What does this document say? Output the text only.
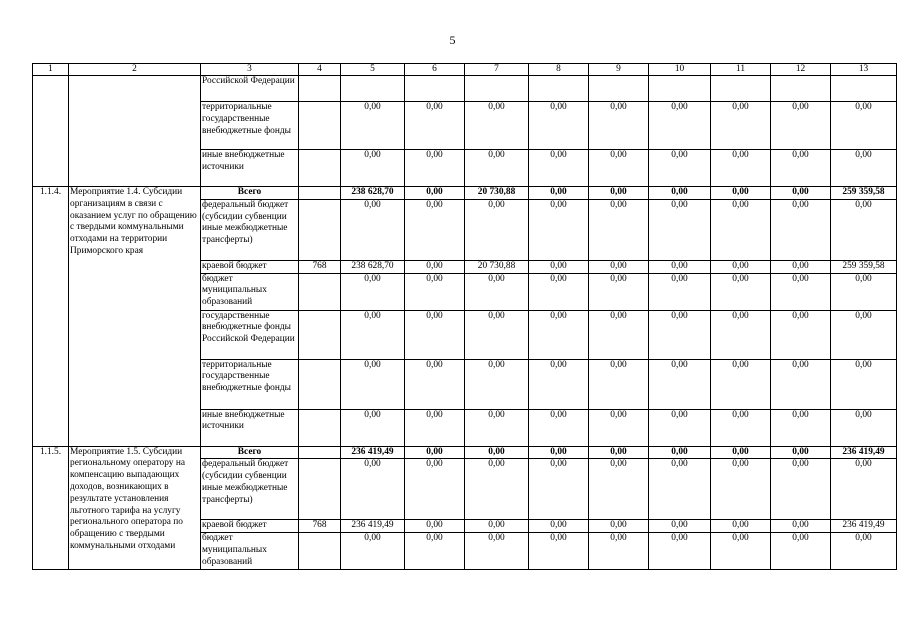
5
1	2	3	4	5	6	7	8	9	10	11	12	13
		Российской Федерации										
		территориальные государственные внебюджетные фонды		0,00	0,00	0,00	0,00	0,00	0,00	0,00	0,00	0,00
		иные внебюджетные источники		0,00	0,00	0,00	0,00	0,00	0,00	0,00	0,00	0,00
1.1.4.	Мероприятие 1.4. Субсидии организациям в связи с оказанием услуг по обращению с твердыми коммунальными отходами на территории Приморского края	Всего		238 628,70	0,00	20 730,88	0,00	0,00	0,00	0,00	0,00	259 359,58
		федеральный бюджет (субсидии субвенции иные межбюджетные трансферты)		0,00	0,00	0,00	0,00	0,00	0,00	0,00	0,00	0,00
		краевой бюджет	768	238 628,70	0,00	20 730,88	0,00	0,00	0,00	0,00	0,00	259 359,58
		бюджет муниципальных образований		0,00	0,00	0,00	0,00	0,00	0,00	0,00	0,00	0,00
		государственные внебюджетные фонды Российской Федерации		0,00	0,00	0,00	0,00	0,00	0,00	0,00	0,00	0,00
		территориальные государственные внебюджетные фонды		0,00	0,00	0,00	0,00	0,00	0,00	0,00	0,00	0,00
		иные внебюджетные источники		0,00	0,00	0,00	0,00	0,00	0,00	0,00	0,00	0,00
1.1.5.	Мероприятие 1.5. Субсидии региональному оператору на компенсацию выпадающих доходов, возникающих в результате установления льготного тарифа на услугу регионального оператора по обращению с твердыми коммунальными отходами	Всего		236 419,49	0,00	0,00	0,00	0,00	0,00	0,00	0,00	236 419,49
		федеральный бюджет (субсидии субвенции иные межбюджетные трансферты)		0,00	0,00	0,00	0,00	0,00	0,00	0,00	0,00	0,00
		краевой бюджет	768	236 419,49	0,00	0,00	0,00	0,00	0,00	0,00	0,00	236 419,49
		бюджет муниципальных образований		0,00	0,00	0,00	0,00	0,00	0,00	0,00	0,00	0,00
